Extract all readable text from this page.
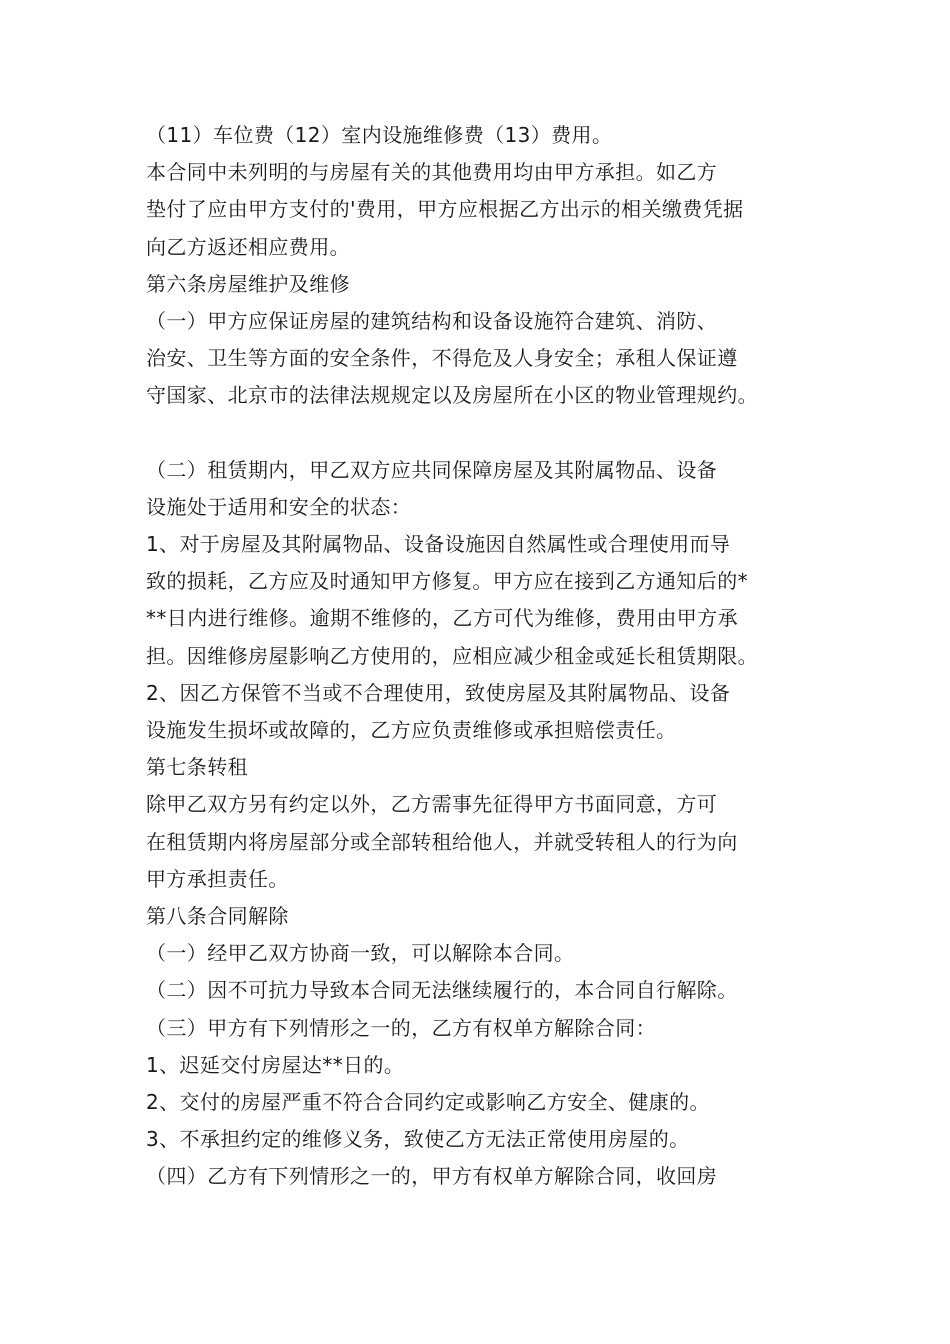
（11）车位费（12）室内设施维修费（13）费用。
本合同中未列明的与房屋有关的其他费用均由甲方承担。如乙方
垫付了应由甲方支付的'费用，甲方应根据乙方出示的相关缴费凭据
向乙方返还相应费用。
第六条房屋维护及维修
（一）甲方应保证房屋的建筑结构和设备设施符合建筑、消防、
治安、卫生等方面的安全条件，不得危及人身安全；承租人保证遵
守国家、北京市的法律法规规定以及房屋所在小区的物业管理规约。
（二）租赁期内，甲乙双方应共同保障房屋及其附属物品、设备
设施处于适用和安全的状态：
1、对于房屋及其附属物品、设备设施因自然属性或合理使用而导
致的损耗，乙方应及时通知甲方修复。甲方应在接到乙方通知后的*
**日内进行维修。逾期不维修的，乙方可代为维修，费用由甲方承
担。因维修房屋影响乙方使用的，应相应减少租金或延长租赁期限。
2、因乙方保管不当或不合理使用，致使房屋及其附属物品、设备
设施发生损坏或故障的，乙方应负责维修或承担赔偿责任。
第七条转租
除甲乙双方另有约定以外，乙方需事先征得甲方书面同意，方可
在租赁期内将房屋部分或全部转租给他人，并就受转租人的行为向
甲方承担责任。
第八条合同解除
（一）经甲乙双方协商一致，可以解除本合同。
（二）因不可抗力导致本合同无法继续履行的，本合同自行解除。
（三）甲方有下列情形之一的，乙方有权单方解除合同：
1、迟延交付房屋达**日的。
2、交付的房屋严重不符合合同约定或影响乙方安全、健康的。
3、不承担约定的维修义务，致使乙方无法正常使用房屋的。
（四）乙方有下列情形之一的，甲方有权单方解除合同，收回房
